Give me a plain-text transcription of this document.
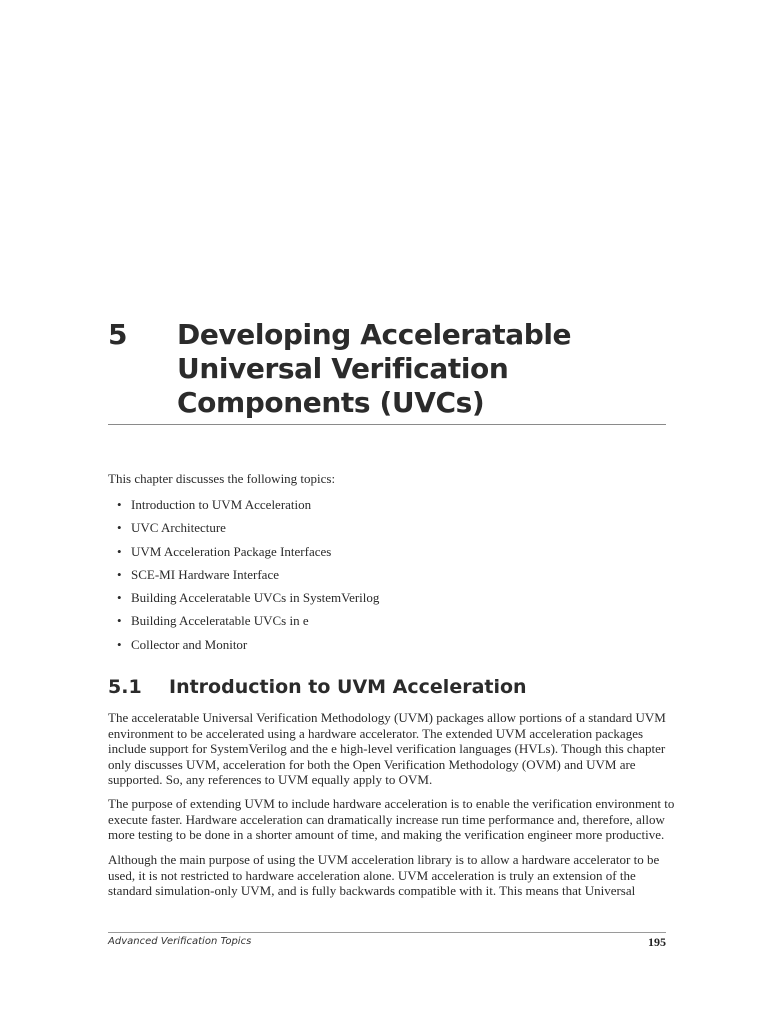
5 Developing Acceleratable
Universal Verification
Components (UVCs)
This chapter discusses the following topics:
• Introduction to UVM Acceleration
• UVC Architecture
• UVM Acceleration Package Interfaces
• SCE-MI Hardware Interface
• Building Acceleratable UVCs in SystemVerilog
• Building Acceleratable UVCs in e
• Collector and Monitor
5.1 Introduction to UVM Acceleration
The acceleratable Universal Verification Methodology (UVM) packages allow portions of a standard UVM
environment to be accelerated using a hardware accelerator. The extended UVM acceleration packages
include support for SystemVerilog and the e high-level verification languages (HVLs). Though this chapter
only discusses UVM, acceleration for both the Open Verification Methodology (OVM) and UVM are
supported. So, any references to UVM equally apply to OVM.
The purpose of extending UVM to include hardware acceleration is to enable the verification environment to
execute faster. Hardware acceleration can dramatically increase run time performance and, therefore, allow
more testing to be done in a shorter amount of time, and making the verification engineer more productive.
Although the main purpose of using the UVM acceleration library is to allow a hardware accelerator to be
used, it is not restricted to hardware acceleration alone. UVM acceleration is truly an extension of the
standard simulation-only UVM, and is fully backwards compatible with it. This means that Universal
Advanced Verification Topics	195
